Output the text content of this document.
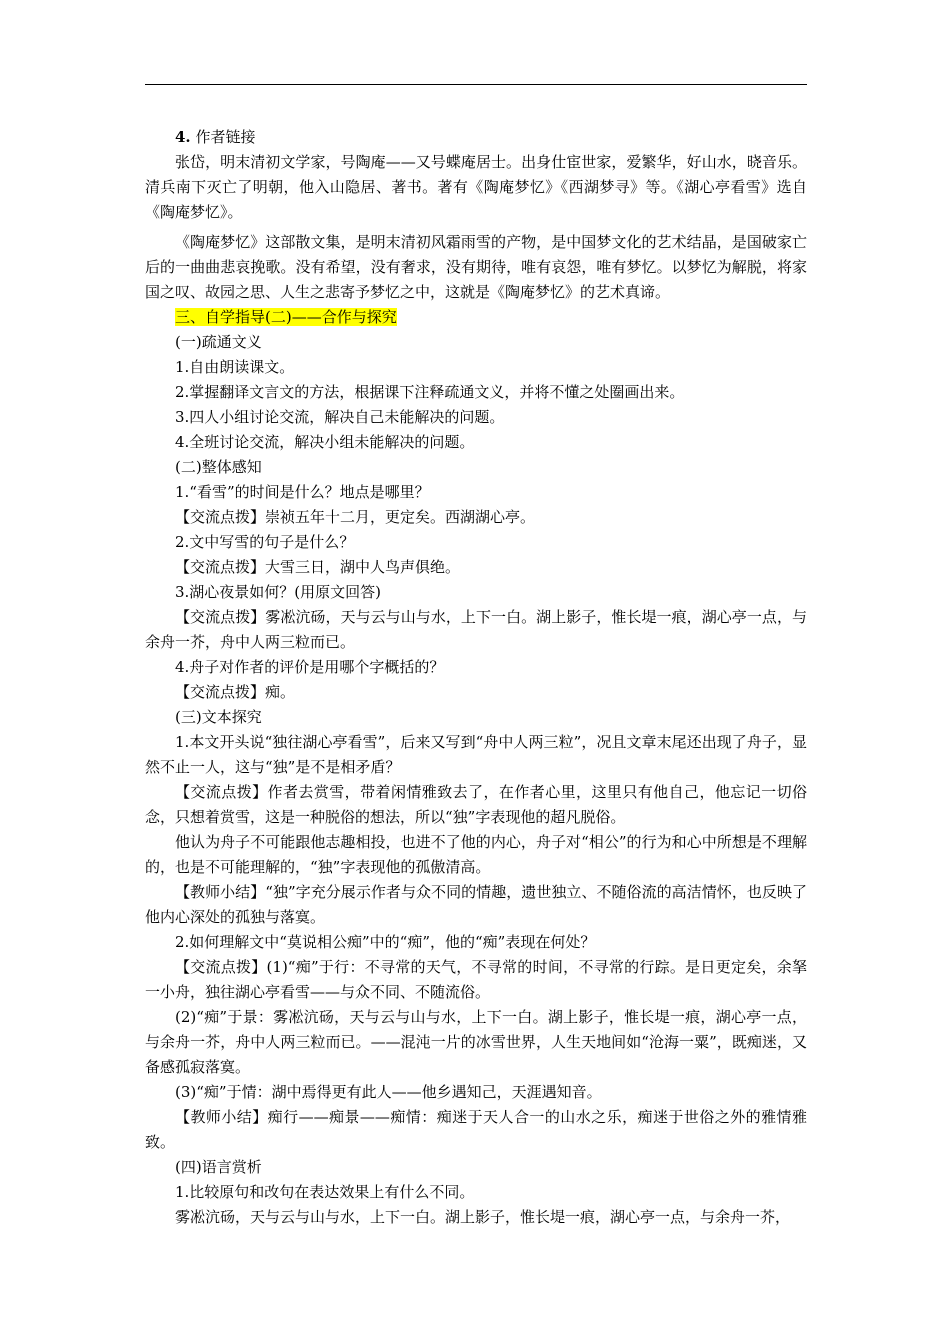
4. 作者链接

张岱，明末清初文学家，号陶庵——又号蝶庵居士。出身仕宦世家，爱繁华，好山水，晓音乐。清兵南下灭亡了明朝，他入山隐居、著书。著有《陶庵梦忆》《西湖梦寻》等。《湖心亭看雪》选自《陶庵梦忆》。

《陶庵梦忆》这部散文集，是明末清初风霜雨雪的产物，是中国梦文化的艺术结晶，是国破家亡后的一曲曲悲哀挽歌。没有希望，没有奢求，没有期待，唯有哀怨，唯有梦忆。以梦忆为解脱，将家国之叹、故园之思、人生之悲寄予梦忆之中，这就是《陶庵梦忆》的艺术真谛。

三、自学指导(二)——合作与探究

(一)疏通文义

1.自由朗读课文。

2.掌握翻译文言文的方法，根据课下注释疏通文义，并将不懂之处圈画出来。

3.四人小组讨论交流，解决自己未能解决的问题。

4.全班讨论交流，解决小组未能解决的问题。

(二)整体感知

1.“看雪”的时间是什么？地点是哪里？

【交流点拨】崇祯五年十二月，更定矣。西湖湖心亭。

2.文中写雪的句子是什么？

【交流点拨】大雪三日，湖中人鸟声俱绝。

3.湖心夜景如何？(用原文回答)

【交流点拨】雾凇沆砀，天与云与山与水，上下一白。湖上影子，惟长堤一痕，湖心亭一点，与余舟一芥，舟中人两三粒而已。

4.舟子对作者的评价是用哪个字概括的？

【交流点拨】痴。

(三)文本探究

1.本文开头说“独往湖心亭看雪”，后来又写到“舟中人两三粒”，况且文章末尾还出现了舟子，显然不止一人，这与“独”是不是相矛盾？

【交流点拨】作者去赏雪，带着闲情雅致去了，在作者心里，这里只有他自己，他忘记一切俗念，只想着赏雪，这是一种脱俗的想法，所以“独”字表现他的超凡脱俗。

他认为舟子不可能跟他志趣相投，也进不了他的内心，舟子对“相公”的行为和心中所想是不理解的，也是不可能理解的，“独”字表现他的孤傲清高。

【教师小结】“独”字充分展示作者与众不同的情趣，遗世独立、不随俗流的高洁情怀，也反映了他内心深处的孤独与落寞。

2.如何理解文中“莫说相公痴”中的“痴”，他的“痴”表现在何处？

【交流点拨】(1)“痴”于行：不寻常的天气，不寻常的时间，不寻常的行踪。是日更定矣，余拏一小舟，独往湖心亭看雪——与众不同、不随流俗。

(2)“痴”于景：雾凇沆砀，天与云与山与水，上下一白。湖上影子，惟长堤一痕，湖心亭一点，与余舟一芥，舟中人两三粒而已。——混沌一片的冰雪世界，人生天地间如“沧海一粟”，既痴迷，又备感孤寂落寞。

(3)“痴”于情：湖中焉得更有此人——他乡遇知己，天涯遇知音。

【教师小结】痴行——痴景——痴情：痴迷于天人合一的山水之乐，痴迷于世俗之外的雅情雅致。

(四)语言赏析

1.比较原句和改句在表达效果上有什么不同。

雾凇沆砀，天与云与山与水，上下一白。湖上影子，惟长堤一痕，湖心亭一点，与余舟一芥，
